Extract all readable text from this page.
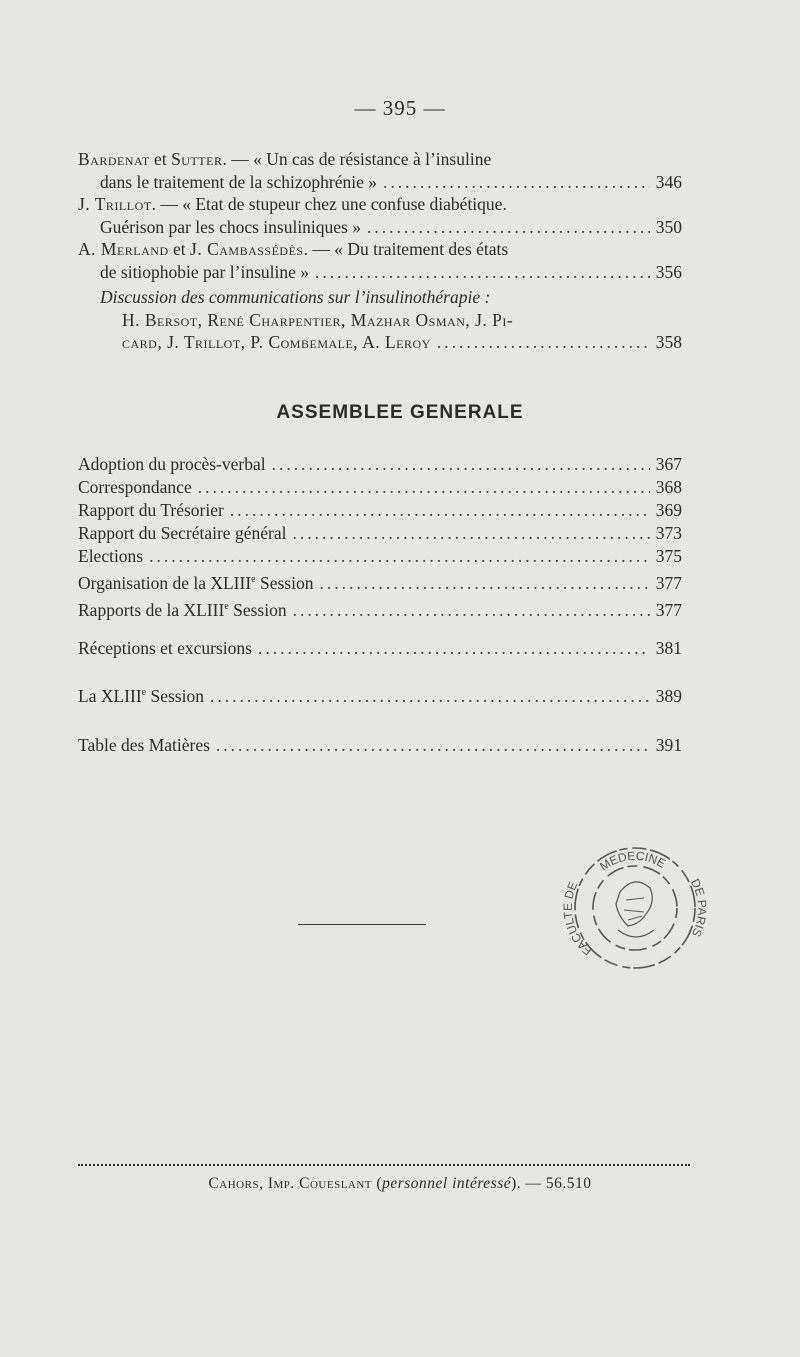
— 395 —
Bardenat et Sutter. — « Un cas de résistance à l’insuline
dans le traitement de la schizophrénie » .....	346
J. Trillot. — « Etat de stupeur chez une confuse diabétique.
Guérison par les chocs insuliniques » .....	350
A. Merland et J. Cambassédès. — « Du traitement des états
de sitiophobie par l’insuline » .....	356
Discussion des communications sur l’insulinothérapie :
H. Bersot, René Charpentier, Mazhar Osman, J. Pi-
card, J. Trillot, P. Combemale, A. Leroy .....	358
ASSEMBLEE GENERALE
Adoption du procès-verbal .....	367
Correspondance .....	368
Rapport du Trésorier .....	369
Rapport du Secrétaire général .....	373
Elections .....	375
Organisation de la XLIIIe Session .....	377
Rapports de la XLIIIe Session .....	377
Réceptions et excursions .....	381
La XLIIIe Session .....	389
Table des Matières .....	391
MEDECINE
FACULTE DE	DE PARIS
Cahors, Imp. Coueslant (personnel intéressé). — 56.510
